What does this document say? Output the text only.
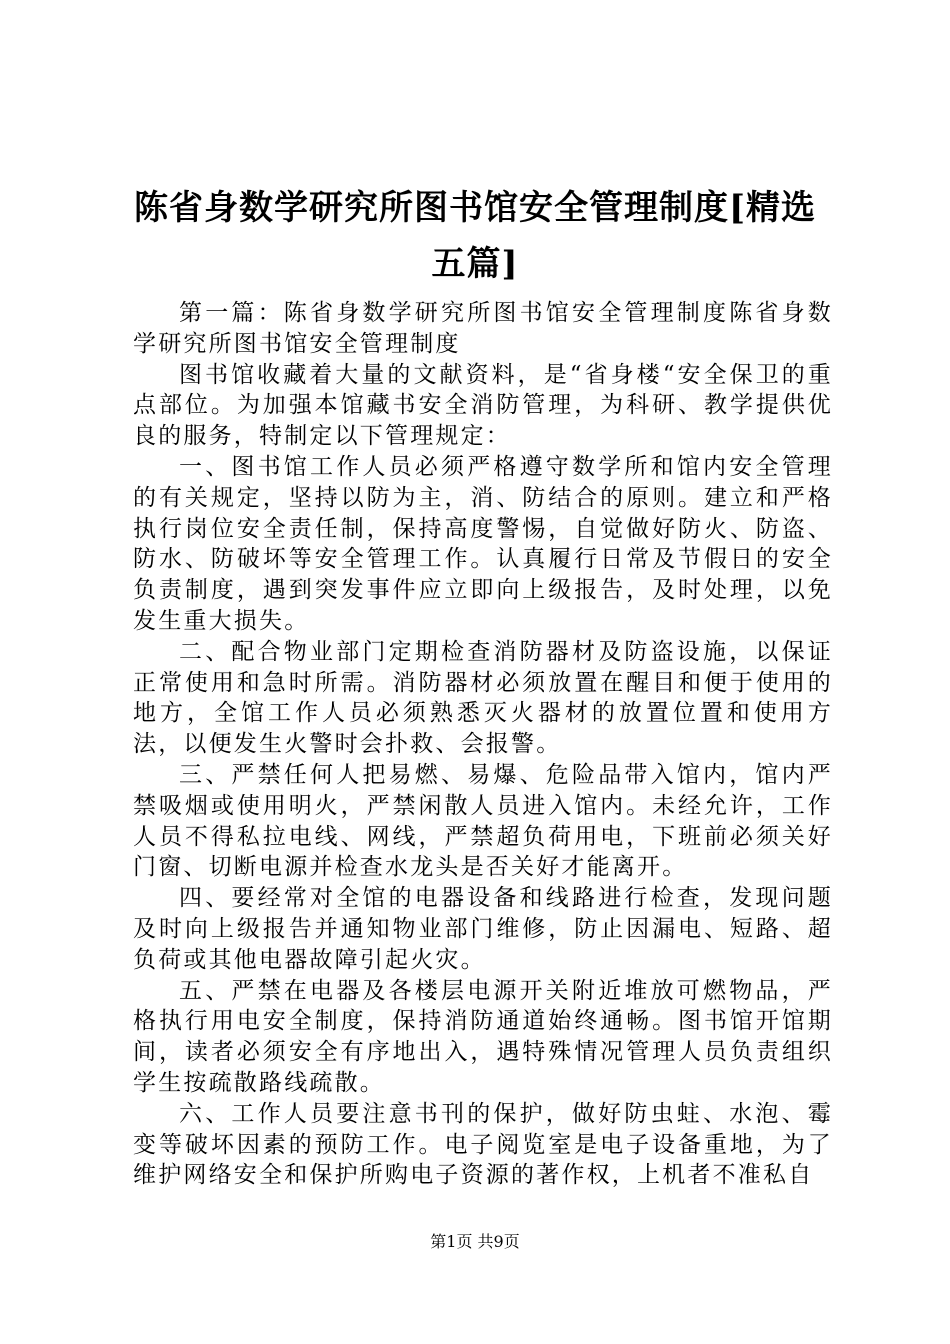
陈省身数学研究所图书馆安全管理制度[精选五篇]

第一篇：陈省身数学研究所图书馆安全管理制度陈省身数学研究所图书馆安全管理制度

图书馆收藏着大量的文献资料，是“省身楼“安全保卫的重点部位。为加强本馆藏书安全消防管理，为科研、教学提供优良的服务，特制定以下管理规定：

一、图书馆工作人员必须严格遵守数学所和馆内安全管理的有关规定，坚持以防为主，消、防结合的原则。建立和严格执行岗位安全责任制，保持高度警惕，自觉做好防火、防盗、防水、防破坏等安全管理工作。认真履行日常及节假日的安全负责制度，遇到突发事件应立即向上级报告，及时处理，以免发生重大损失。

二、配合物业部门定期检查消防器材及防盗设施，以保证正常使用和急时所需。消防器材必须放置在醒目和便于使用的地方，全馆工作人员必须熟悉灭火器材的放置位置和使用方法，以便发生火警时会扑救、会报警。

三、严禁任何人把易燃、易爆、危险品带入馆内，馆内严禁吸烟或使用明火，严禁闲散人员进入馆内。未经允许，工作人员不得私拉电线、网线，严禁超负荷用电，下班前必须关好门窗、切断电源并检查水龙头是否关好才能离开。

四、要经常对全馆的电器设备和线路进行检查，发现问题及时向上级报告并通知物业部门维修，防止因漏电、短路、超负荷或其他电器故障引起火灾。

五、严禁在电器及各楼层电源开关附近堆放可燃物品，严格执行用电安全制度，保持消防通道始终通畅。图书馆开馆期间，读者必须安全有序地出入，遇特殊情况管理人员负责组织学生按疏散路线疏散。

六、工作人员要注意书刊的保护，做好防虫蛀、水泡、霉变等破坏因素的预防工作。电子阅览室是电子设备重地，为了维护网络安全和保护所购电子资源的著作权，上机者不准私自

第1页 共9页
